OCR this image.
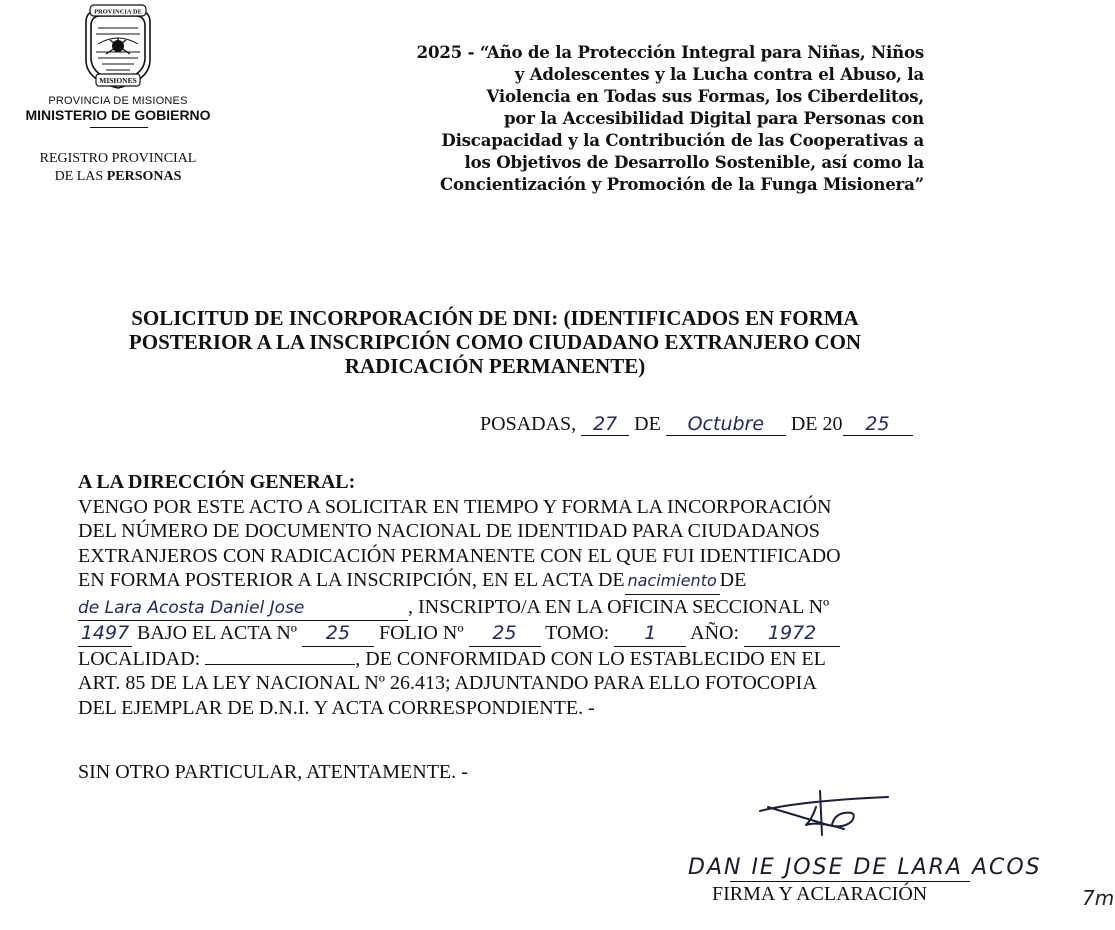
PROVINCIA DE
MISIONES
PROVINCIA DE MISIONES
MINISTERIO DE GOBIERNO
REGISTRO PROVINCIAL
DE LAS PERSONAS
2025 - “Año de la Protección Integral para Niñas, Niños
y Adolescentes y la Lucha contra el Abuso, la
Violencia en Todas sus Formas, los Ciberdelitos,
por la Accesibilidad Digital para Personas con
Discapacidad y la Contribución de las Cooperativas a
los Objetivos de Desarrollo Sostenible, así como la
Concientización y Promoción de la Funga Misionera”
SOLICITUD DE INCORPORACIÓN DE DNI: (IDENTIFICADOS EN FORMA
POSTERIOR A LA INSCRIPCIÓN COMO CIUDADANO EXTRANJERO CON
RADICACIÓN PERMANENTE)
POSADAS, 27 DE Octubre DE 20 25
A LA DIRECCIÓN GENERAL:
VENGO POR ESTE ACTO A SOLICITAR EN TIEMPO Y FORMA LA INCORPORACIÓN
DEL NÚMERO DE DOCUMENTO NACIONAL DE IDENTIDAD PARA CIUDADANOS
EXTRANJEROS CON RADICACIÓN PERMANENTE CON EL QUE FUI IDENTIFICADO
EN FORMA POSTERIOR A LA INSCRIPCIÓN, EN EL ACTA DE nacimiento DE
de Lara Acosta Daniel Jose	, INSCRIPTO/A EN LA OFICINA SECCIONAL Nº
1497 BAJO EL ACTA Nº 25 FOLIO Nº 25 TOMO: 1 AÑO: 1972
LOCALIDAD:	, DE CONFORMIDAD CON LO ESTABLECIDO EN EL
ART. 85 DE LA LEY NACIONAL Nº 26.413; ADJUNTANDO PARA ELLO FOTOCOPIA
DEL EJEMPLAR DE D.N.I. Y ACTA CORRESPONDIENTE. -
SIN OTRO PARTICULAR, ATENTAMENTE. -
DAN IE JOSE DE LARA ACOS
FIRMA Y ACLARACIÓN	7m
